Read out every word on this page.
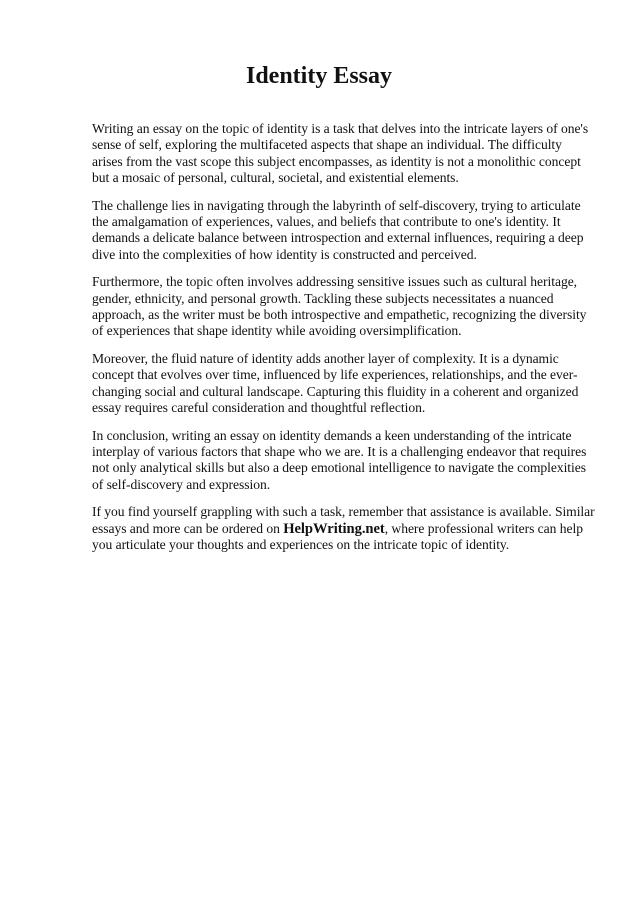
Identity Essay

Writing an essay on the topic of identity is a task that delves into the intricate layers of one's sense of self, exploring the multifaceted aspects that shape an individual. The difficulty arises from the vast scope this subject encompasses, as identity is not a monolithic concept but a mosaic of personal, cultural, societal, and existential elements.

The challenge lies in navigating through the labyrinth of self-discovery, trying to articulate the amalgamation of experiences, values, and beliefs that contribute to one's identity. It demands a delicate balance between introspection and external influences, requiring a deep dive into the complexities of how identity is constructed and perceived.

Furthermore, the topic often involves addressing sensitive issues such as cultural heritage, gender, ethnicity, and personal growth. Tackling these subjects necessitates a nuanced approach, as the writer must be both introspective and empathetic, recognizing the diversity of experiences that shape identity while avoiding oversimplification.

Moreover, the fluid nature of identity adds another layer of complexity. It is a dynamic concept that evolves over time, influenced by life experiences, relationships, and the ever-changing social and cultural landscape. Capturing this fluidity in a coherent and organized essay requires careful consideration and thoughtful reflection.

In conclusion, writing an essay on identity demands a keen understanding of the intricate interplay of various factors that shape who we are. It is a challenging endeavor that requires not only analytical skills but also a deep emotional intelligence to navigate the complexities of self-discovery and expression.

If you find yourself grappling with such a task, remember that assistance is available. Similar essays and more can be ordered on HelpWriting.net, where professional writers can help you articulate your thoughts and experiences on the intricate topic of identity.
